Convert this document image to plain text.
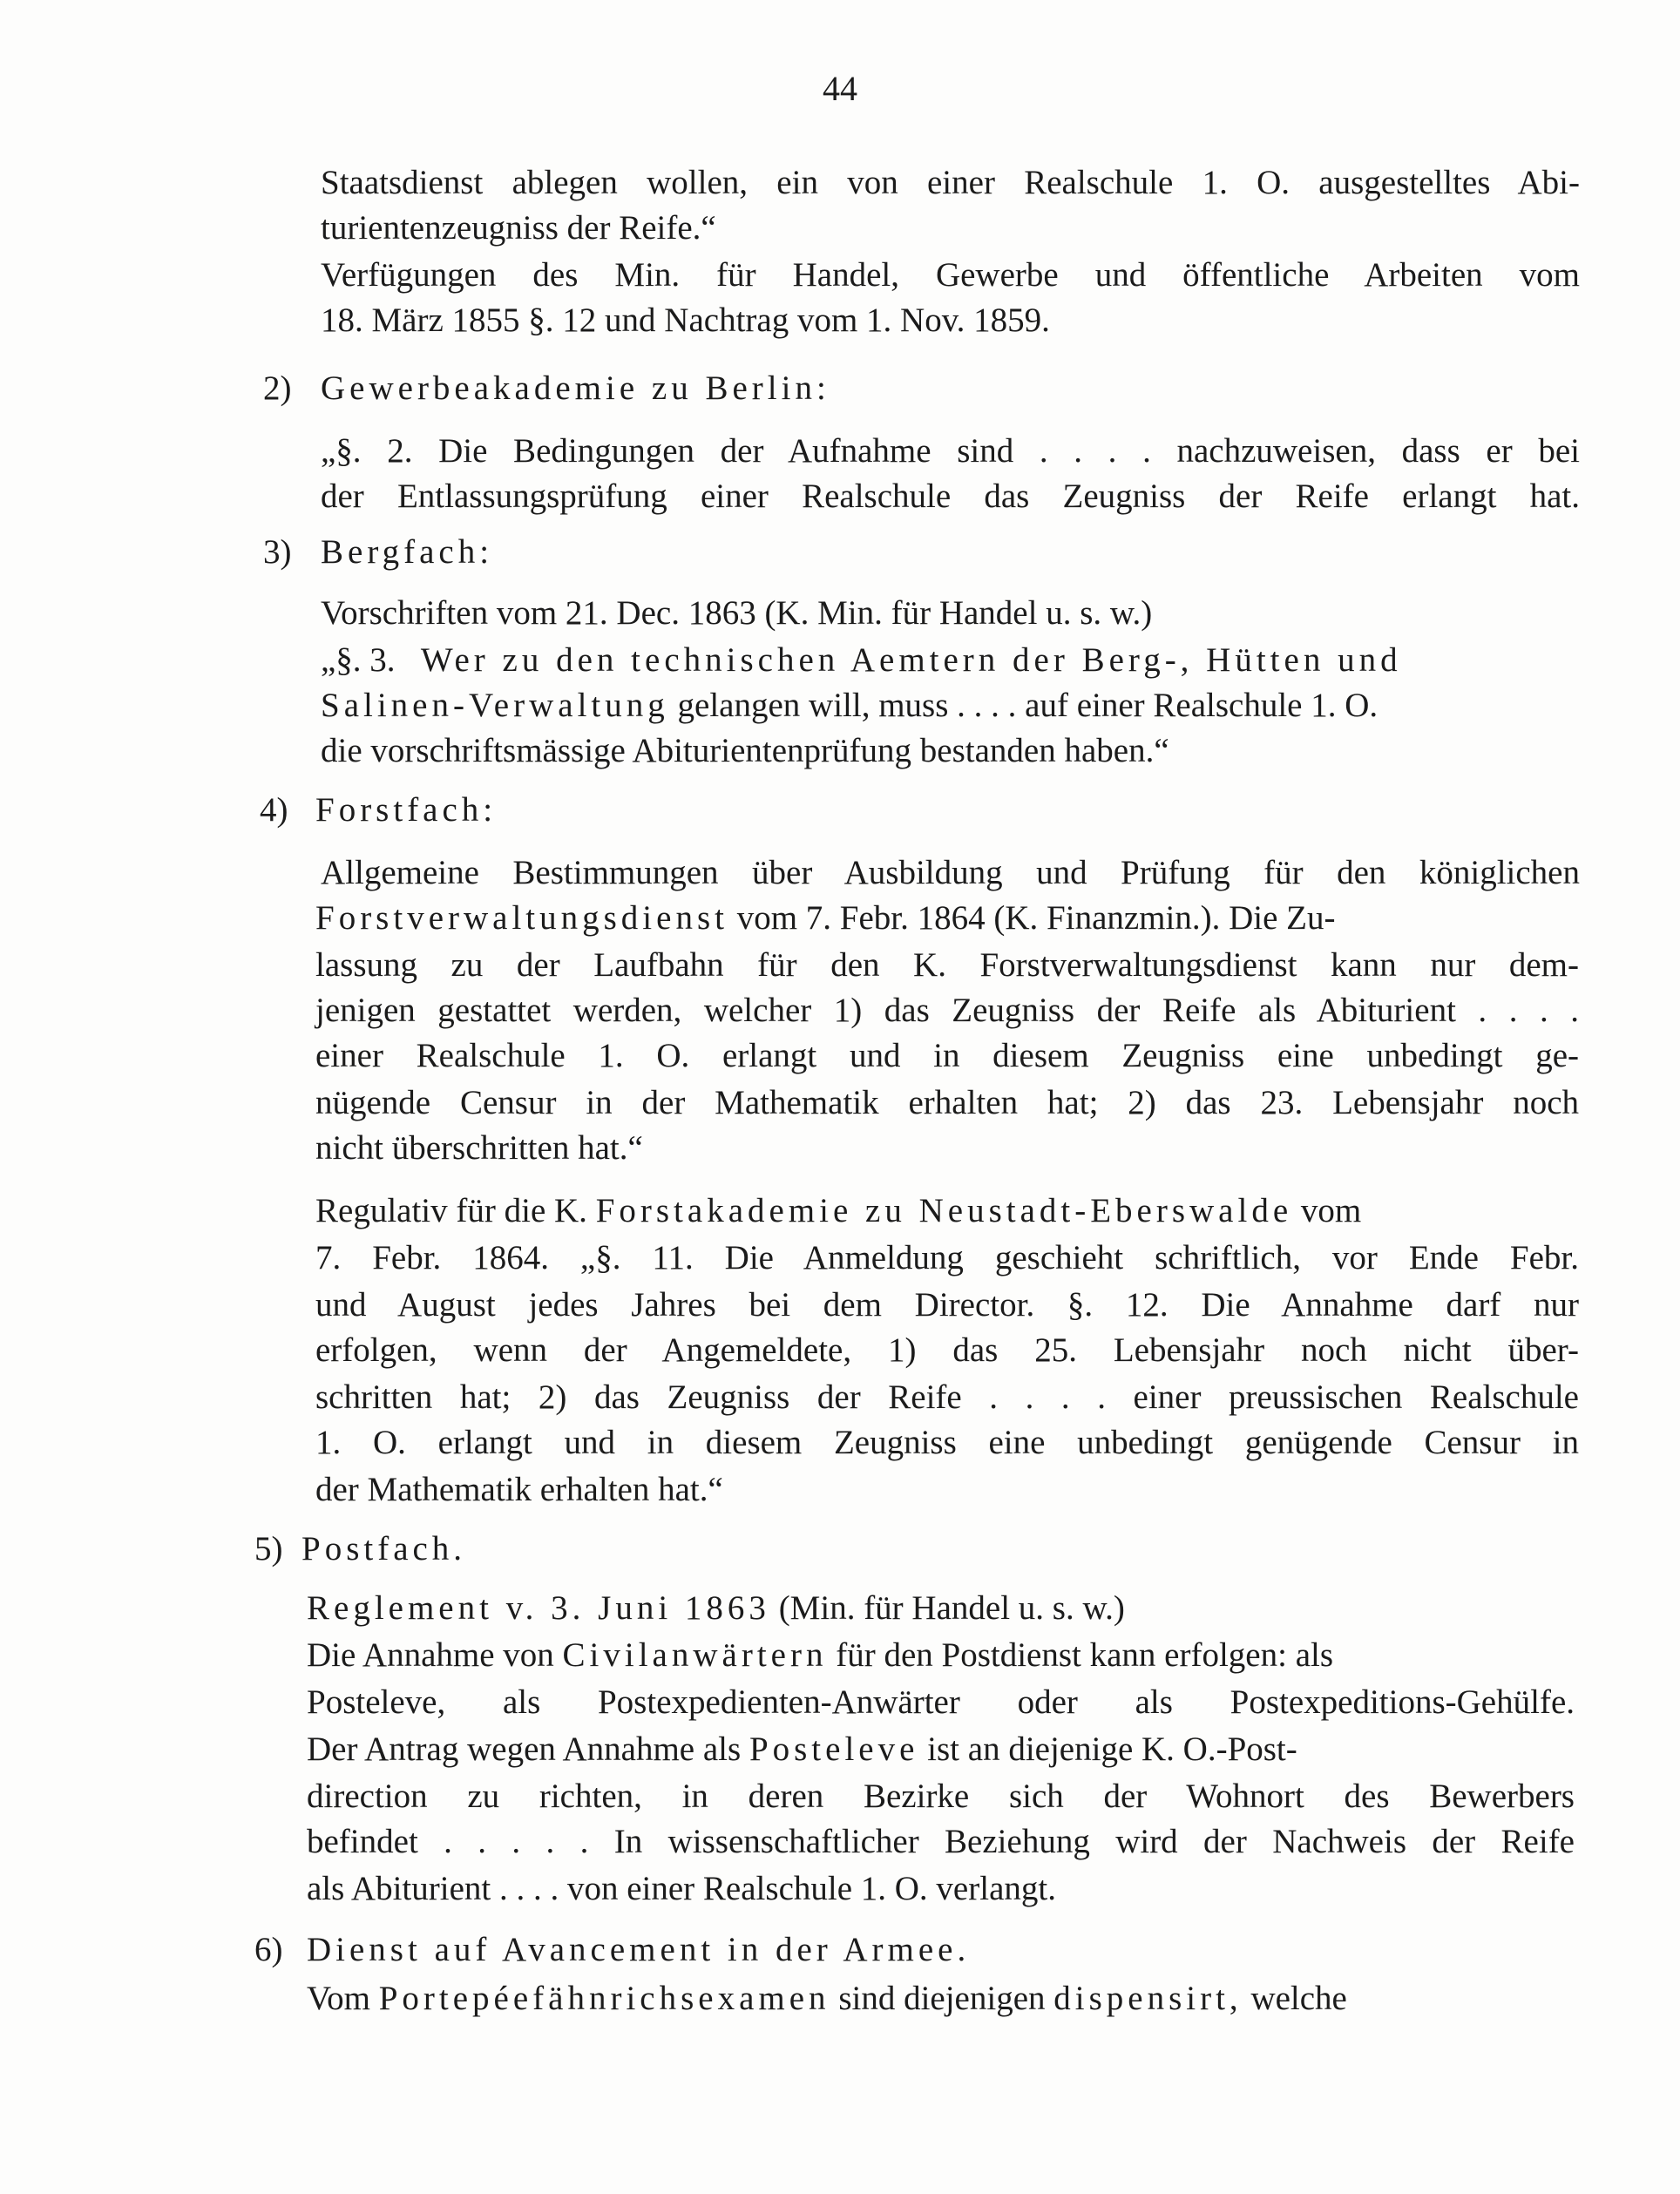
44
Staatsdienst ablegen wollen, ein von einer Realschule 1. O. ausgestelltes Abi-
turientenzeugniss der Reife.“
Verfügungen des Min. für Handel, Gewerbe und öffentliche Arbeiten vom
18. März 1855 §. 12 und Nachtrag vom 1. Nov. 1859.
2) Gewerbeakademie zu Berlin:
„§. 2. Die Bedingungen der Aufnahme sind . . . . nachzuweisen, dass er bei
der Entlassungsprüfung einer Realschule das Zeugniss der Reife erlangt hat.
3) Bergfach:
Vorschriften vom 21. Dec. 1863 (K. Min. für Handel u. s. w.)
„§. 3. Wer zu den technischen Aemtern der Berg-, Hütten und
Salinen-Verwaltung gelangen will, muss . . . . auf einer Realschule 1. O.
die vorschriftsmässige Abiturientenprüfung bestanden haben.“
4) Forstfach:
Allgemeine Bestimmungen über Ausbildung und Prüfung für den königlichen
Forstverwaltungsdienst vom 7. Febr. 1864 (K. Finanzmin.). Die Zu-
lassung zu der Laufbahn für den K. Forstverwaltungsdienst kann nur dem-
jenigen gestattet werden, welcher 1) das Zeugniss der Reife als Abiturient . . . .
einer Realschule 1. O. erlangt und in diesem Zeugniss eine unbedingt ge-
nügende Censur in der Mathematik erhalten hat; 2) das 23. Lebensjahr noch
nicht überschritten hat.“
Regulativ für die K. Forstakademie zu Neustadt-Eberswalde vom
7. Febr. 1864. „§. 11. Die Anmeldung geschieht schriftlich, vor Ende Febr.
und August jedes Jahres bei dem Director. §. 12. Die Annahme darf nur
erfolgen, wenn der Angemeldete, 1) das 25. Lebensjahr noch nicht über-
schritten hat; 2) das Zeugniss der Reife . . . . einer preussischen Realschule
1. O. erlangt und in diesem Zeugniss eine unbedingt genügende Censur in
der Mathematik erhalten hat.“
5) Postfach.
Reglement v. 3. Juni 1863 (Min. für Handel u. s. w.)
Die Annahme von Civilanwärtern für den Postdienst kann erfolgen: als
Posteleve, als Postexpedienten-Anwärter oder als Postexpeditions-Gehülfe.
Der Antrag wegen Annahme als Posteleve ist an diejenige K. O.-Post-
direction zu richten, in deren Bezirke sich der Wohnort des Bewerbers
befindet . . . . . In wissenschaftlicher Beziehung wird der Nachweis der Reife
als Abiturient . . . . von einer Realschule 1. O. verlangt.
6) Dienst auf Avancement in der Armee.
Vom Portepéefähnrichsexamen sind diejenigen dispensirt, welche
